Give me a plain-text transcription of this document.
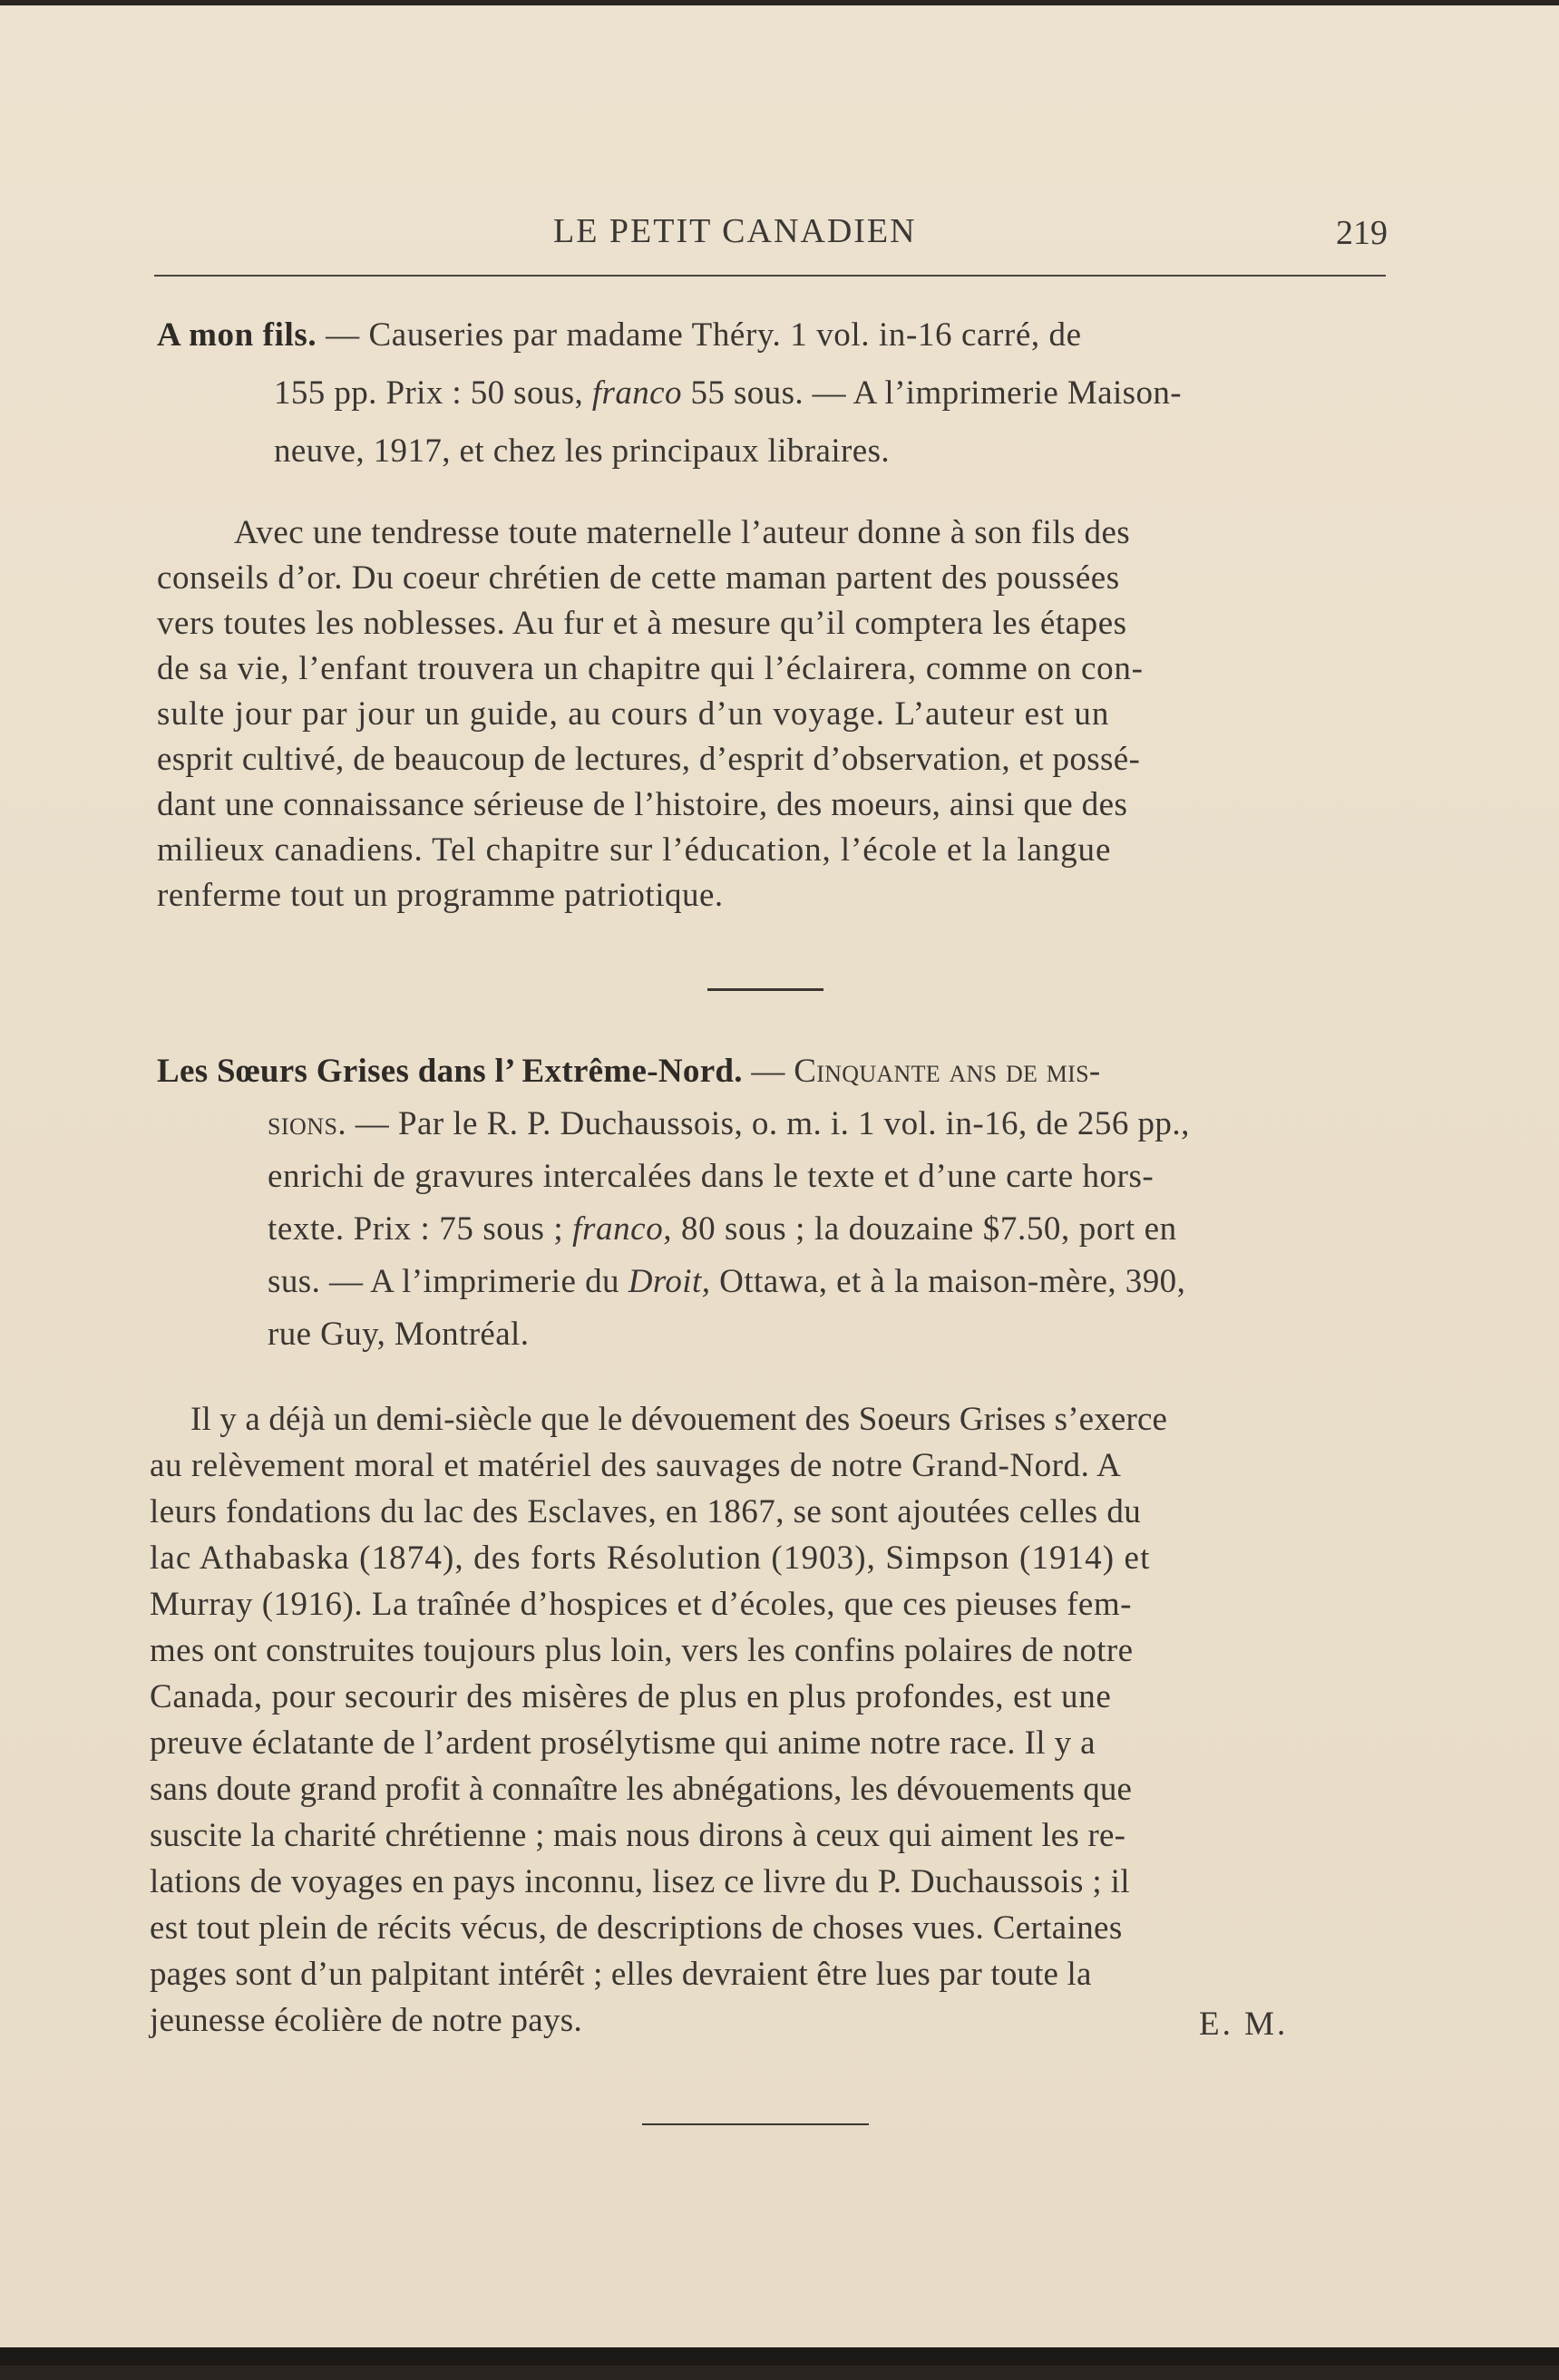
LE PETIT CANADIEN	219
A mon fils. — Causeries par madame Théry. 1 vol. in-16 carré, de
155 pp. Prix : 50 sous, franco 55 sous. — A l’imprimerie Maison-
neuve, 1917, et chez les principaux libraires.
Avec une tendresse toute maternelle l’auteur donne à son fils des
conseils d’or. Du coeur chrétien de cette maman partent des poussées
vers toutes les noblesses. Au fur et à mesure qu’il comptera les étapes
de sa vie, l’enfant trouvera un chapitre qui l’éclairera, comme on con-
sulte jour par jour un guide, au cours d’un voyage. L’auteur est un
esprit cultivé, de beaucoup de lectures, d’esprit d’observation, et possé-
dant une connaissance sérieuse de l’histoire, des moeurs, ainsi que des
milieux canadiens. Tel chapitre sur l’éducation, l’école et la langue
renferme tout un programme patriotique.
Les Sœurs Grises dans l’ Extrême-Nord. — Cinquante ans de mis-
sions. — Par le R. P. Duchaussois, o. m. i. 1 vol. in-16, de 256 pp.,
enrichi de gravures intercalées dans le texte et d’une carte hors-
texte. Prix : 75 sous ; franco, 80 sous ; la douzaine $7.50, port en
sus. — A l’imprimerie du Droit, Ottawa, et à la maison-mère, 390,
rue Guy, Montréal.
Il y a déjà un demi-siècle que le dévouement des Soeurs Grises s’exerce
au relèvement moral et matériel des sauvages de notre Grand-Nord. A
leurs fondations du lac des Esclaves, en 1867, se sont ajoutées celles du
lac Athabaska (1874), des forts Résolution (1903), Simpson (1914) et
Murray (1916). La traînée d’hospices et d’écoles, que ces pieuses fem-
mes ont construites toujours plus loin, vers les confins polaires de notre
Canada, pour secourir des misères de plus en plus profondes, est une
preuve éclatante de l’ardent prosélytisme qui anime notre race. Il y a
sans doute grand profit à connaître les abnégations, les dévouements que
suscite la charité chrétienne ; mais nous dirons à ceux qui aiment les re-
lations de voyages en pays inconnu, lisez ce livre du P. Duchaussois ; il
est tout plein de récits vécus, de descriptions de choses vues. Certaines
pages sont d’un palpitant intérêt ; elles devraient être lues par toute la
jeunesse écolière de notre pays.	E. M.
